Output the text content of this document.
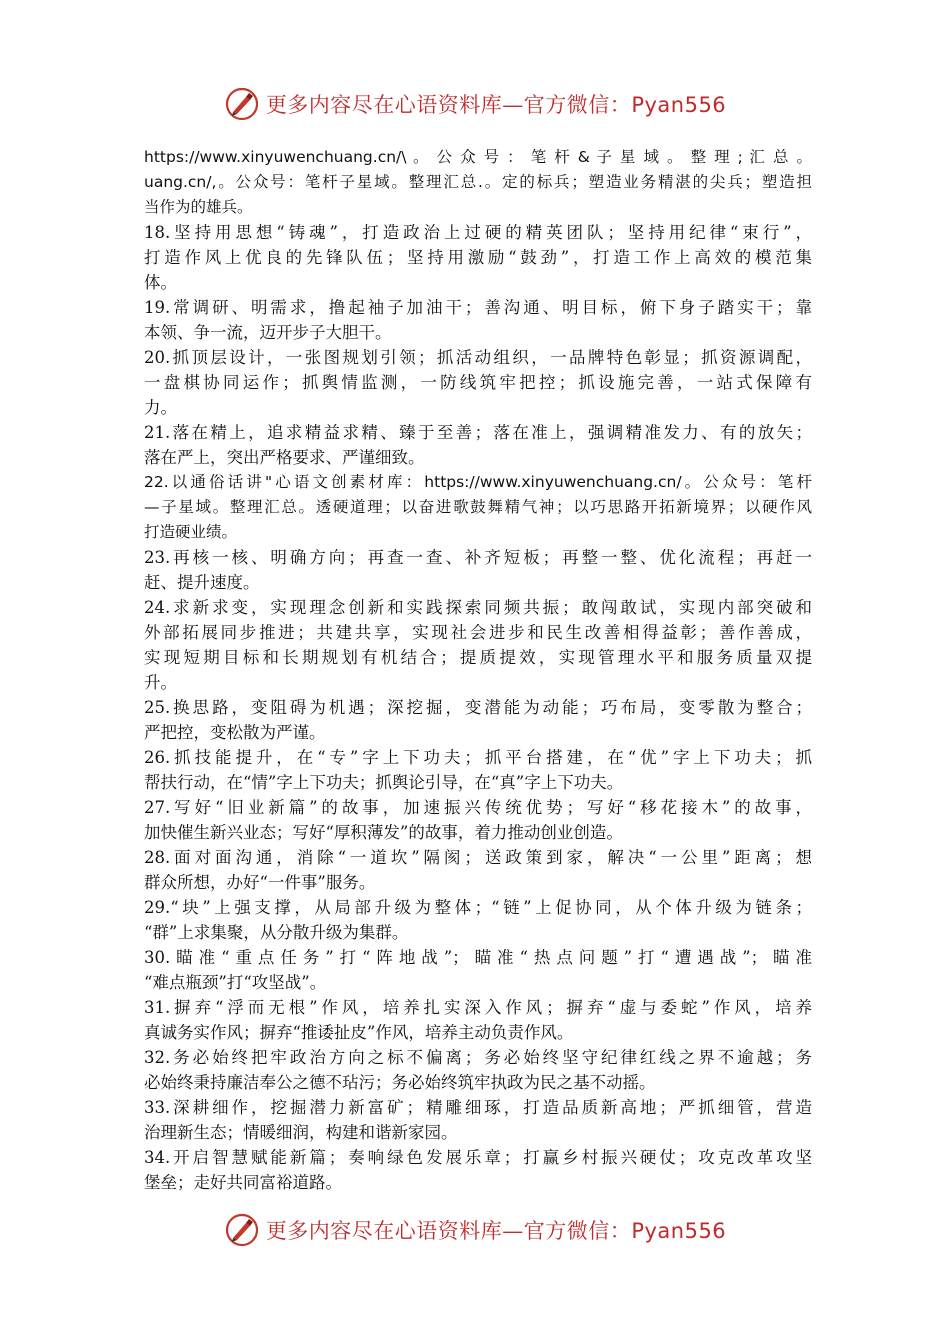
更多内容尽在心语资料库—官方微信：Pyan556
https://www.xinyuwenchuang.cn/\ 。 公 众 号 ： 笔 杆 & 子 星 域 。 整 理 ; 汇 总 。
uang.cn/,。公众号：笔杆子星域。整理汇总.。定的标兵；塑造业务精湛的尖兵；塑造担
当作为的雄兵。
18.坚持用思想“铸魂”，打造政治上过硬的精英团队；坚持用纪律“束行”，
打造作风上优良的先锋队伍；坚持用激励“鼓劲”，打造工作上高效的模范集
体。
19.常调研、明需求，撸起袖子加油干；善沟通、明目标，俯下身子踏实干；靠
本领、争一流，迈开步子大胆干。
20.抓顶层设计，一张图规划引领；抓活动组织，一品牌特色彰显；抓资源调配，
一盘棋协同运作；抓舆情监测，一防线筑牢把控；抓设施完善，一站式保障有
力。
21.落在精上，追求精益求精、臻于至善；落在准上，强调精准发力、有的放矢；
落在严上，突出严格要求、严谨细致。
22.以通俗话讲"心语文创素材库：https://www.xinyuwenchuang.cn/。公众号：笔杆
—子星域。整理汇总。透硬道理；以奋进歌鼓舞精气神；以巧思路开拓新境界；以硬作风
打造硬业绩。
23.再核一核、明确方向；再查一查、补齐短板；再整一整、优化流程；再赶一
赶、提升速度。
24.求新求变，实现理念创新和实践探索同频共振；敢闯敢试，实现内部突破和
外部拓展同步推进；共建共享，实现社会进步和民生改善相得益彰；善作善成，
实现短期目标和长期规划有机结合；提质提效，实现管理水平和服务质量双提
升。
25.换思路，变阻碍为机遇；深挖掘，变潜能为动能；巧布局，变零散为整合；
严把控，变松散为严谨。
26.抓技能提升，在“专”字上下功夫；抓平台搭建，在“优”字上下功夫；抓
帮扶行动，在“情”字上下功夫；抓舆论引导，在“真”字上下功夫。
27.写好“旧业新篇”的故事，加速振兴传统优势；写好“移花接木”的故事，
加快催生新兴业态；写好“厚积薄发”的故事，着力推动创业创造。
28.面对面沟通，消除“一道坎”隔阂；送政策到家，解决“一公里”距离；想
群众所想，办好“一件事”服务。
29.“块”上强支撑，从局部升级为整体；“链”上促协同，从个体升级为链条；
“群”上求集聚，从分散升级为集群。
30.瞄准“重点任务”打“阵地战”；瞄准“热点问题”打“遭遇战”；瞄准
“难点瓶颈”打“攻坚战”。
31.摒弃“浮而无根”作风，培养扎实深入作风；摒弃“虚与委蛇”作风，培养
真诚务实作风；摒弃“推诿扯皮”作风，培养主动负责作风。
32.务必始终把牢政治方向之标不偏离；务必始终坚守纪律红线之界不逾越；务
必始终秉持廉洁奉公之德不玷污；务必始终筑牢执政为民之基不动摇。
33.深耕细作，挖掘潜力新富矿；精雕细琢，打造品质新高地；严抓细管，营造
治理新生态；情暖细润，构建和谐新家园。
34.开启智慧赋能新篇；奏响绿色发展乐章；打赢乡村振兴硬仗；攻克改革攻坚
堡垒；走好共同富裕道路。
更多内容尽在心语资料库—官方微信：Pyan556
